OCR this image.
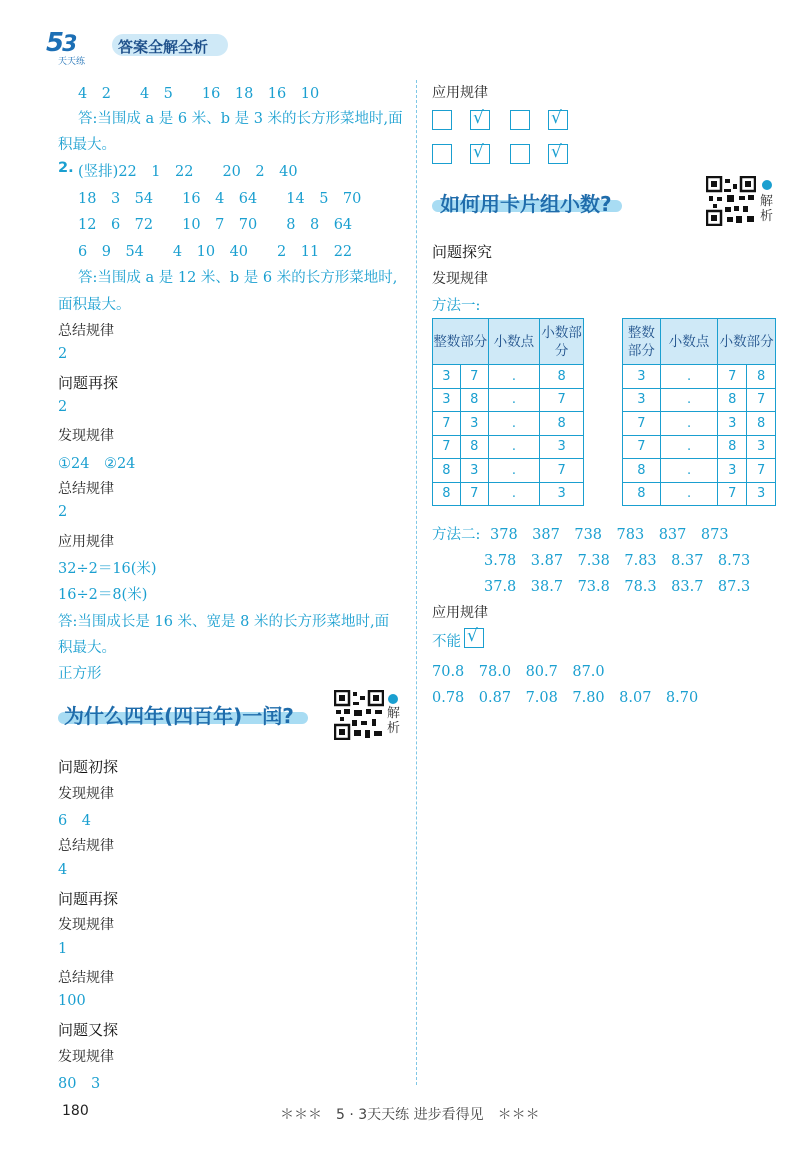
53
天天练
答案全解全析
4　2　　4　5　　16　18　16　10
答:当围成 a 是 6 米、b 是 3 米的长方形菜地时,面
积最大。
2. (竖排)22　1　22　　20　2　40
18　3　54　　16　4　64　　14　5　70
12　6　72　　10　7　70　　8　8　64
6　9　54　　4　10　40　　2　11　22
答:当围成 a 是 12 米、b 是 6 米的长方形菜地时,
面积最大。
总结规律
2
问题再探
2
发现规律
①24　②24
总结规律
2
应用规律
32÷2＝16(米)
16÷2＝8(米)
答:当围成长是 16 米、宽是 8 米的长方形菜地时,面
积最大。
正方形
为什么四年(四百年)一闰?	解析
问题初探
发现规律
6　4
总结规律
4
问题再探
发现规律
1
总结规律
100
问题又探
发现规律
80　3
应用规律
√	√
√	√
如何用卡片组小数?	解析
问题探究
发现规律
方法一:
整数部分		小数点	小数部分
3	7	.	8
3	8	.	7
7	3	.	8
7	8	.	3
8	3	.	7
8	7	.	3
整数部分	小数点	小数部分	
3	.	7	8
3	.	8	7
7	.	3	8
7	.	8	3
8	.	3	7
8	.	7	3
方法二: 378　387　738　783　837　873
3.78　3.87　7.38　7.83　8.37　8.73
37.8　38.7　73.8　78.3　83.7　87.3
应用规律
不能 √
70.8　78.0　80.7　87.0
0.78　0.87　7.08　7.80　8.07　8.70
180	＊＊＊　5 · 3天天练 进步看得见　＊＊＊
